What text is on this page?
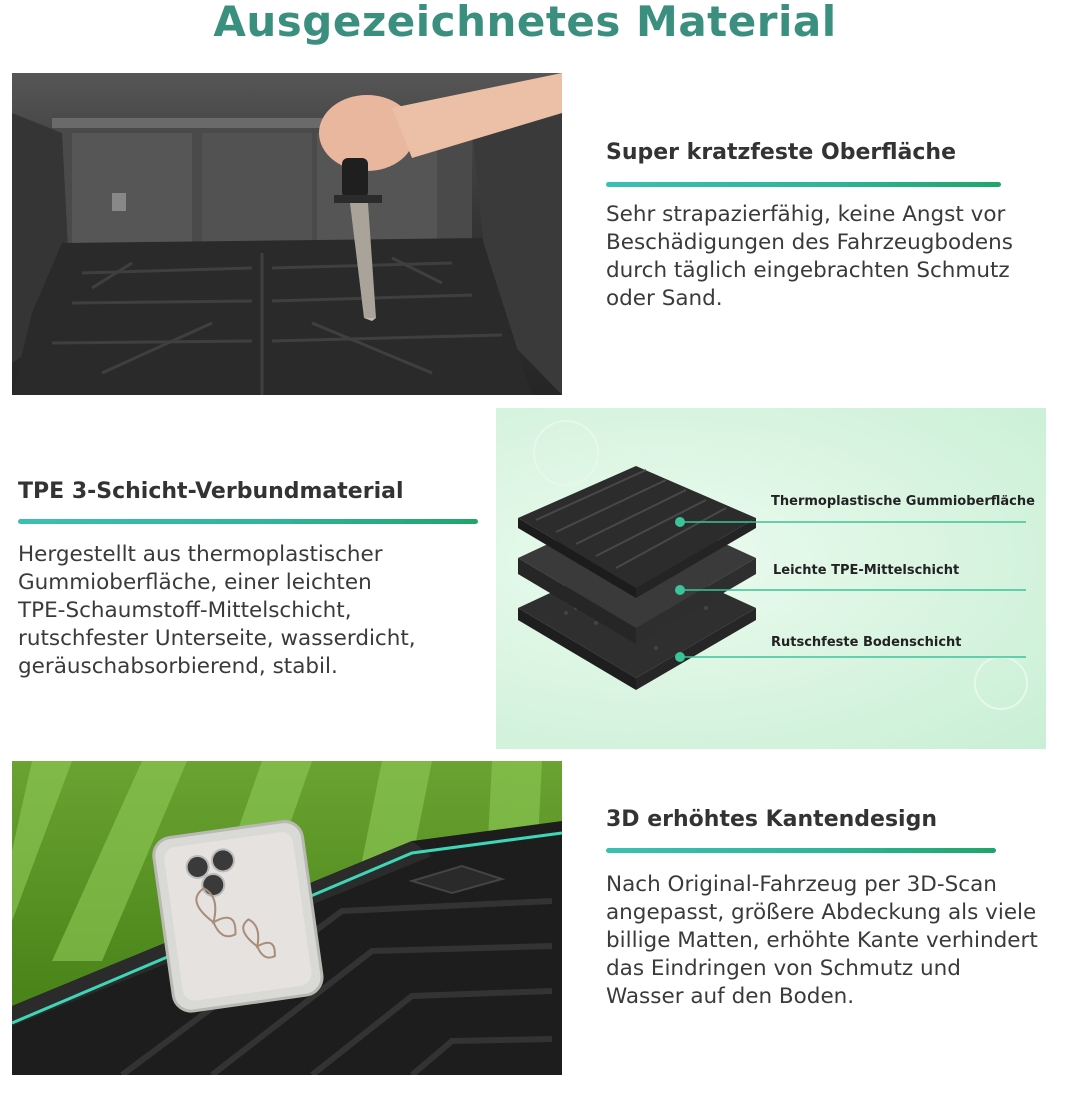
Ausgezeichnetes Material
Super kratzfeste Oberfläche
Sehr strapazierfähig, keine Angst vor
Beschädigungen des Fahrzeugbodens
durch täglich eingebrachten Schmutz
oder Sand.
TPE 3-Schicht-Verbundmaterial
Hergestellt aus thermoplastischer
Gummioberfläche, einer leichten
TPE-Schaumstoff-Mittelschicht,
rutschfester Unterseite, wasserdicht,
geräuschabsorbierend, stabil.
Thermoplastische Gummioberfläche
Leichte TPE-Mittelschicht
Rutschfeste Bodenschicht
3D erhöhtes Kantendesign
Nach Original-Fahrzeug per 3D-Scan
angepasst, größere Abdeckung als viele
billige Matten, erhöhte Kante verhindert
das Eindringen von Schmutz und
Wasser auf den Boden.
